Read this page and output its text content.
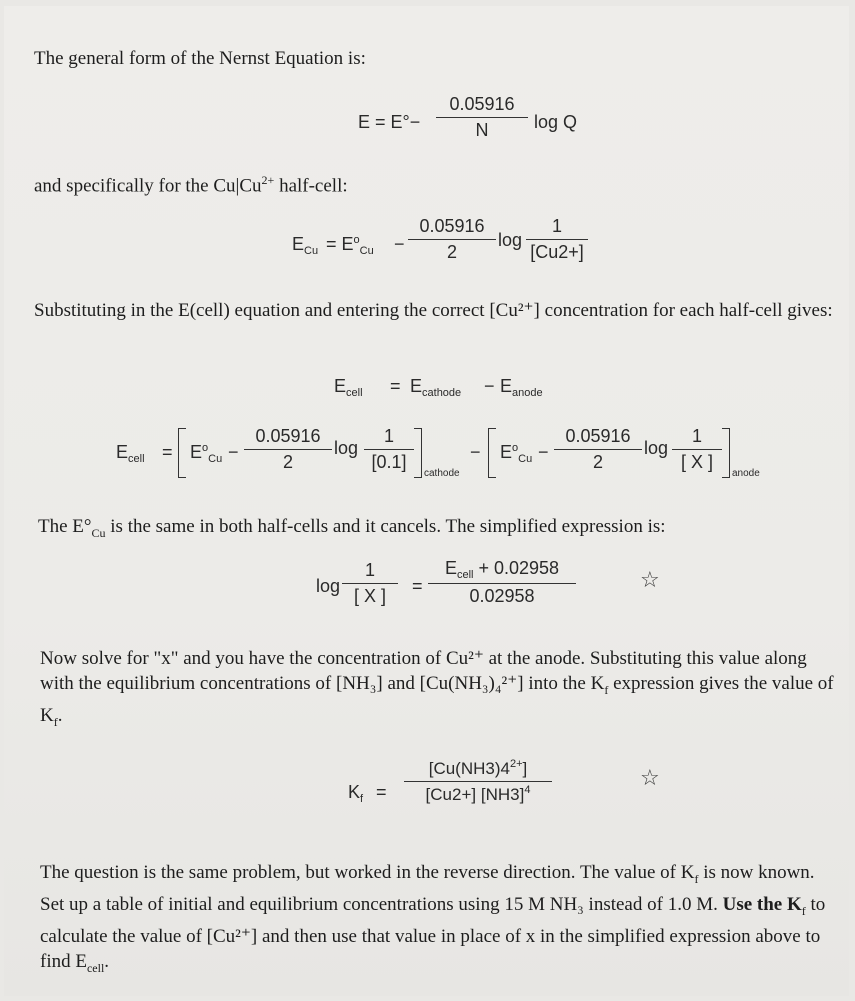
The general form of the Nernst Equation is:

E = E°−
0.05916
N	log Q

and specifically for the $Cu|Cu^{2+}$ half-cell:

$E_{Cu} = E^o_{Cu}$ −
0.05916
2
log
1
[Cu2+]

Substituting in the E(cell) equation and entering the correct [Cu²⁺] concentration for each half-cell gives:

$E_{cell} = E_{cathode} - E_{anode}$
$E_{cell} = E^o_{Cu}$ −
0.05916
2
log
1
[0.1]
cathode
− $E^o_{Cu}$ −
0.05916
2
log
1
[ X ]
anode

The $E^\circ_{Cu}$ is the same in both half-cells and it cancels. The simplified expression is:

log
1
[ X ]	=
$E_{cell} + 0.02958$
0.02958
☆

Now solve for "x" and you have the concentration of Cu²⁺ at the anode. Substituting this value along with the equilibrium concentrations of [NH₃] and [Cu(NH₃)₄²⁺] into the $K_f$ expression gives the value of $K_f$.

$K_f$ =
$[Cu(NH3)4^{2+}]$
[Cu2+] $[NH3]^4$	☆

The question is the same problem, but worked in the reverse direction. The value of $K_f$ is now known. Set up a table of initial and equilibrium concentrations using 15 M NH₃ instead of 1.0 M. Use the $K_f$ to calculate the value of [Cu²⁺] and then use that value in place of x in the simplified expression above to find $E_{cell}$.
